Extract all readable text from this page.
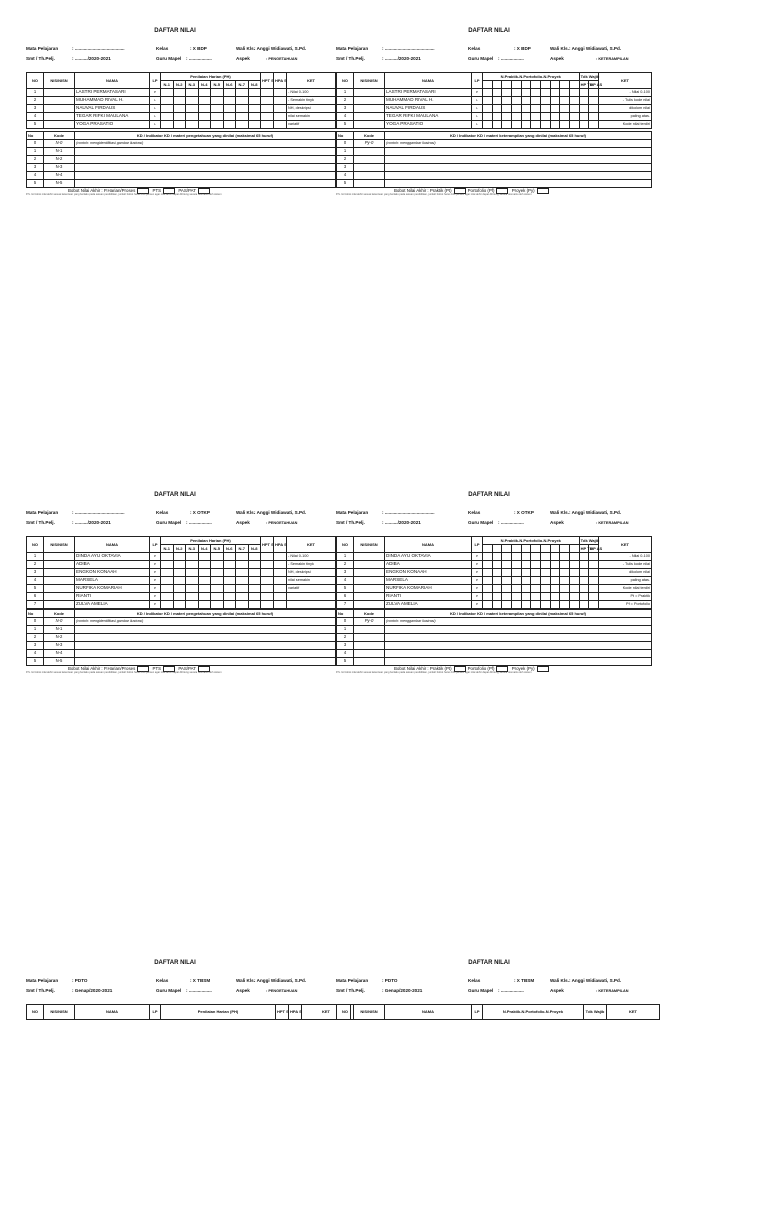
DAFTAR NILAI
Mata Pelajaran	: .......................................
Smt / Th.Pelj.	: ........../2020-2021
Kelas	: X BDP
Guru Mapel : ..................	Aspek
Wali Kls. : Anggi Widiawati, S.Pd.
: PENGETAHUAN
NO	NIS/NISN	NAMA	LP	Penilaian Harian (PH)								HPT S	HPA S	KET
				N-1	N-2	N-3	N-4	N-5	N-6	N-7	N-8			
1		LASTRI PERMATASARI	P											- Nilai 0-100
2		MUHAMMAD RIVAL H.	L											- Semakin tinyk
3		NAUVAL FIRDAUS	L											NH, deskripsi
4		TEGAR RIFKI MAULANA	L											nilai semakin
5		YOGA PRASATIO	L											variatif
No	Kode	KD / Indikator KD / materi pengetahuan yang dinilai (maksimal 65 huruf)
0	N-0	(contoh: mengidentifikasi gambar ilustrasi)
1	N-1	
2	N-2	
3	N-3	
4	N-4	
5	N-5	
Bobot Nilai Akhir : P.Harian/Proses	PTS	PAS/PAT
P.S. Isi bobot nilai akhir sesuai ketentuan yang berlaku pada satuan pendidikan, jumlah bobot harus 100 persen agar nilai akhir dapat dihitung secara otomatis oleh sistem
DAFTAR NILAI
Mata Pelajaran	: .......................................
Smt / Th.Pelj.	: ........../2020-2021
Kelas	: X BDP
Guru Mapel : ..................	Aspek
Wali Kls.: Anggi Widiawati, S.Pd.
: KETERAMPILAN
NO	NIS/NISN	NAMA	LP	N.Praktik-N.Portofolio-N.Proyek										Tdk Wajib		KET
														HP TS	HP AS	
1		LASTRI PERMATASARI	P													- Nilai 0-100
2		MUHAMMAD RIVAL H.	L													- Tulis kode nilai
3		NAUVAL FIRDAUS	L													dikolom nilai
4		TEGAR RIFKI MAULANA	L													paling atas.
5		YOGA PRASATIO	L													Kode nilai terdiri
No	Kode	KD / Indikator KD / materi keterampilan yang dinilai (maksimal 65 huruf)
0	Py-0	(contoh: menggambar ilustrasi)
1		
2		
3		
4		
5		
Bobot Nilai Akhir : Praktik (Pt)	Portofolio (Pf)	Proyek (Py)
P.S. Isi bobot nilai akhir sesuai ketentuan yang berlaku pada satuan pendidikan, jumlah bobot harus 100 persen agar nilai akhir dapat dihitung secara otomatis oleh sistem
DAFTAR NILAI
Mata Pelajaran	: .......................................
Smt / Th.Pelj.	: ........../2020-2021
Kelas	: X OTKP
Guru Mapel : ..................	Aspek
Wali Kls. : Anggi Widiawati, S.Pd.
: PENGETAHUAN
NO	NIS/NISN	NAMA	LP	Penilaian Harian (PH)								HPT S	HPA S	KET
				N-1	N-2	N-3	N-4	N-5	N-6	N-7	N-8			
1		DINDA AYU OKTAVIA	P											- Nilai 0-100
2		ADIBA	P											- Semakin tinyk
3		ENGKON KONAAH	P											NH, deskripsi
4		MARSELA	P											nilai semakin
5		NURFIKA KOMARIAH	P											variatif
6		RIANTI	P											
7		ZULVA AMELIA	P											
No	Kode	KD / Indikator KD / materi pengetahuan yang dinilai (maksimal 65 huruf)
0	N-0	(contoh: mengidentifikasi gambar ilustrasi)
1	N-1	
2	N-2	
3	N-3	
4	N-4	
5	N-5	
Bobot Nilai Akhir : P.Harian/Proses	PTS	PAS/PAT
P.S. Isi bobot nilai akhir sesuai ketentuan yang berlaku pada satuan pendidikan, jumlah bobot harus 100 persen agar nilai akhir dapat dihitung secara otomatis oleh sistem
DAFTAR NILAI
Mata Pelajaran	: .......................................
Smt / Th.Pelj.	: ........../2020-2021
Kelas	: X OTKP
Guru Mapel : ..................	Aspek
Wali Kls.: Anggi Widiawati, S.Pd.
: KETERAMPILAN
NO	NIS/NISN	NAMA	LP	N.Praktik-N.Portofolio-N.Proyek										Tdk Wajib		KET
														HP TS	HP AS	
1		DINDA AYU OKTAVIA	P													- Nilai 0-100
2		ADIBA	P													- Tulis kode nilai
3		ENGKON KONAAH	P													dikolom nilai
4		MARSELA	P													paling atas.
5		NURFIKA KOMARIAH	P													Kode nilai terdiri
6		RIANTI	P													Pt = Praktik
7		ZULVA AMELIA	P													Pf = Portofolio
No	Kode	KD / Indikator KD / materi keterampilan yang dinilai (maksimal 65 huruf)
0	Py-0	(contoh: menggambar ilustrasi)
1		
2		
3		
4		
5		
Bobot Nilai Akhir : Praktik (Pt)	Portofolio (Pf)	Proyek (Py)
P.S. Isi bobot nilai akhir sesuai ketentuan yang berlaku pada satuan pendidikan, jumlah bobot harus 100 persen agar nilai akhir dapat dihitung secara otomatis oleh sistem
DAFTAR NILAI
Mata Pelajaran	: PDTO
Smt / Th.Pelj.	: Genap/2020-2021
Kelas	: X TBSM
Guru Mapel : ..................	Aspek
Wali Kls. : Anggi Widiawati, S.Pd.
: PENGETAHUAN
NO	NIS/NISN	NAMA	LP	Penilaian Harian (PH)	HPT S	HPA S	KET
DAFTAR NILAI
Mata Pelajaran	: PDTO
Smt / Th.Pelj.	: Genap/2020-2021
Kelas	: X TBSM
Guru Mapel : ..................	Aspek
Wali Kls.: Anggi Widiawati, S.Pd.
: KETERAMPILAN
NO	NIS/NISN	NAMA	LP	N.Praktik-N.Portofolio-N.Proyek	Tdk Wajib	KET
